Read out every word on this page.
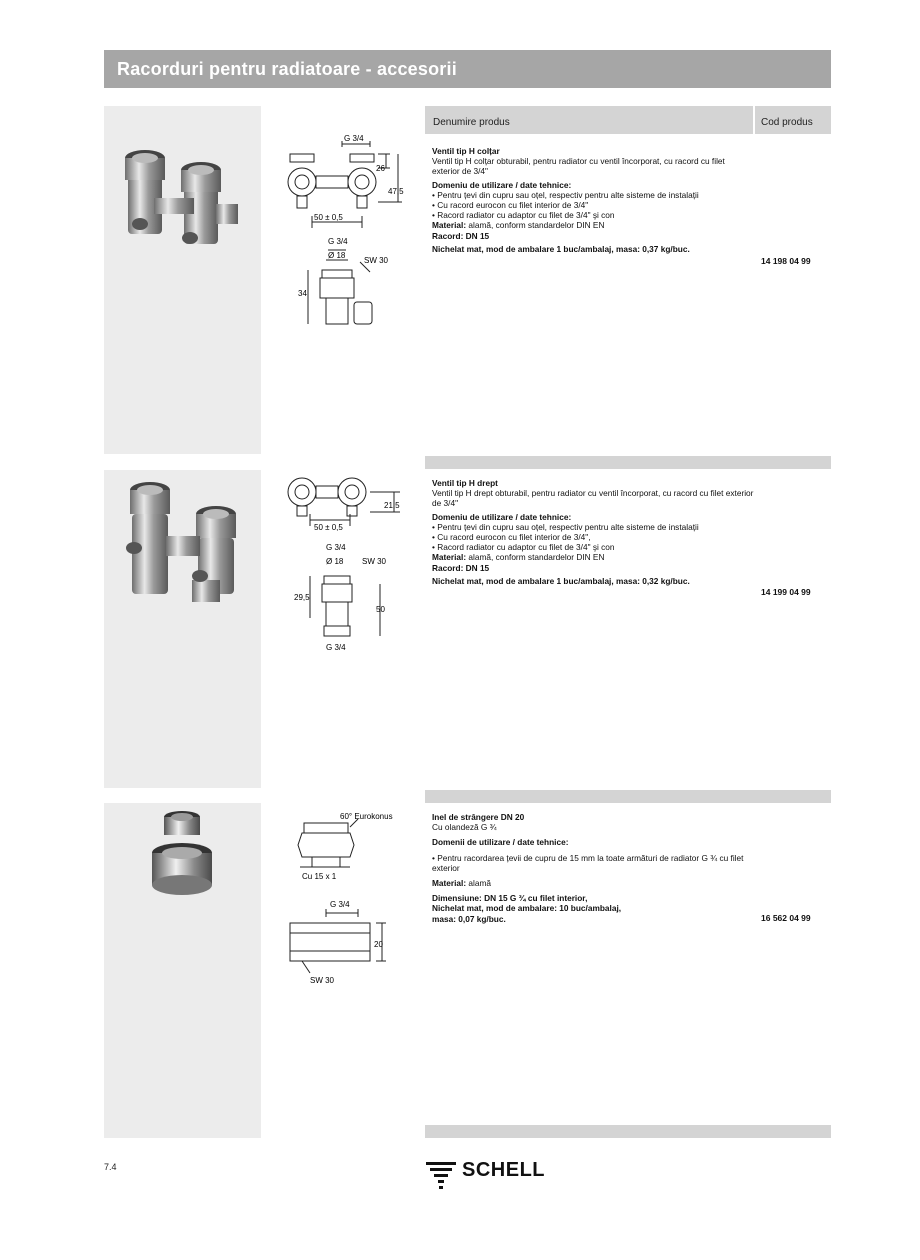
Racorduri pentru radiatoare - accesorii
G 3/4
26
47,5
50 ± 0,5
G 3/4
Ø 18
SW 30
34
21,5
50 ± 0,5
G 3/4
Ø 18 SW 30
29,5
50
G 3/4
60° Eurokonus
Cu 15 x 1
G 3/4
20
SW 30
Denumire produs	Cod produs
Ventil tip H colțar
Ventil tip H colțar obturabil, pentru radiator cu ventil încorporat, cu racord cu filet exterior de 3/4"
Domeniu de utilizare / date tehnice:
• Pentru țevi din cupru sau oțel, respectiv pentru alte sisteme de instalații
• Cu racord eurocon cu filet interior de 3/4"
• Racord radiator cu adaptor cu filet de 3/4" şi con
Material: alamă, conform standardelor DIN EN
Racord: DN 15
Nichelat mat, mod de ambalare 1 buc/ambalaj, masa: 0,37 kg/buc.
14 198 04 99
Ventil tip H drept
Ventil tip H drept obturabil, pentru radiator cu ventil încorporat, cu racord cu filet exterior de 3/4"
Domeniu de utilizare / date tehnice:
• Pentru țevi din cupru sau oțel, respectiv pentru alte sisteme de instalații
• Cu racord eurocon cu filet interior de 3/4",
• Racord radiator cu adaptor cu filet de 3/4" şi con
Material: alamă, conform standardelor DIN EN
Racord: DN 15
Nichelat mat, mod de ambalare 1 buc/ambalaj, masa: 0,32 kg/buc.
14 199 04 99
Inel de strângere DN 20
Cu olandeză G ¾
Domenii de utilizare / date tehnice:
• Pentru racordarea țevii de cupru de 15 mm la toate armături de radiator G ¾ cu filet exterior
Material: alamă
Dimensiune: DN 15 G ¾ cu filet interior,
Nichelat mat, mod de ambalare: 10 buc/ambalaj,
masa: 0,07 kg/buc.	16 562 04 99
7.4	SCHELL
